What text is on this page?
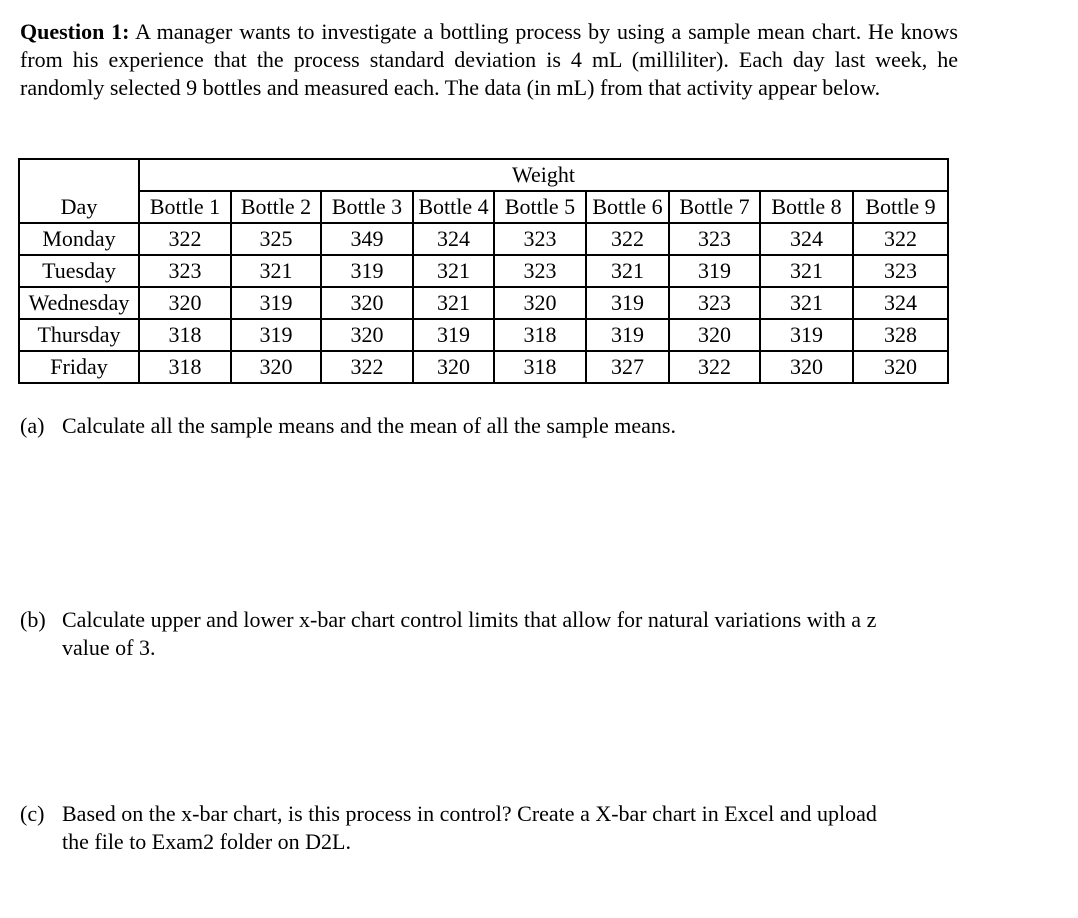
Question 1: A manager wants to investigate a bottling process by using a sample mean chart. He knows from his experience that the process standard deviation is 4 mL (milliliter). Each day last week, he randomly selected 9 bottles and measured each. The data (in mL) from that activity appear below.

	Weight								
Day	Bottle 1	Bottle 2	Bottle 3	Bottle 4	Bottle 5	Bottle 6	Bottle 7	Bottle 8	Bottle 9
Monday	322	325	349	324	323	322	323	324	322
Tuesday	323	321	319	321	323	321	319	321	323
Wednesday	320	319	320	321	320	319	323	321	324
Thursday	318	319	320	319	318	319	320	319	328
Friday	318	320	322	320	318	327	322	320	320
(a) Calculate all the sample means and the mean of all the sample means.
(b) Calculate upper and lower x-bar chart control limits that allow for natural variations with a z
value of 3.
(c) Based on the x-bar chart, is this process in control? Create a X-bar chart in Excel and upload
the file to Exam2 folder on D2L.
